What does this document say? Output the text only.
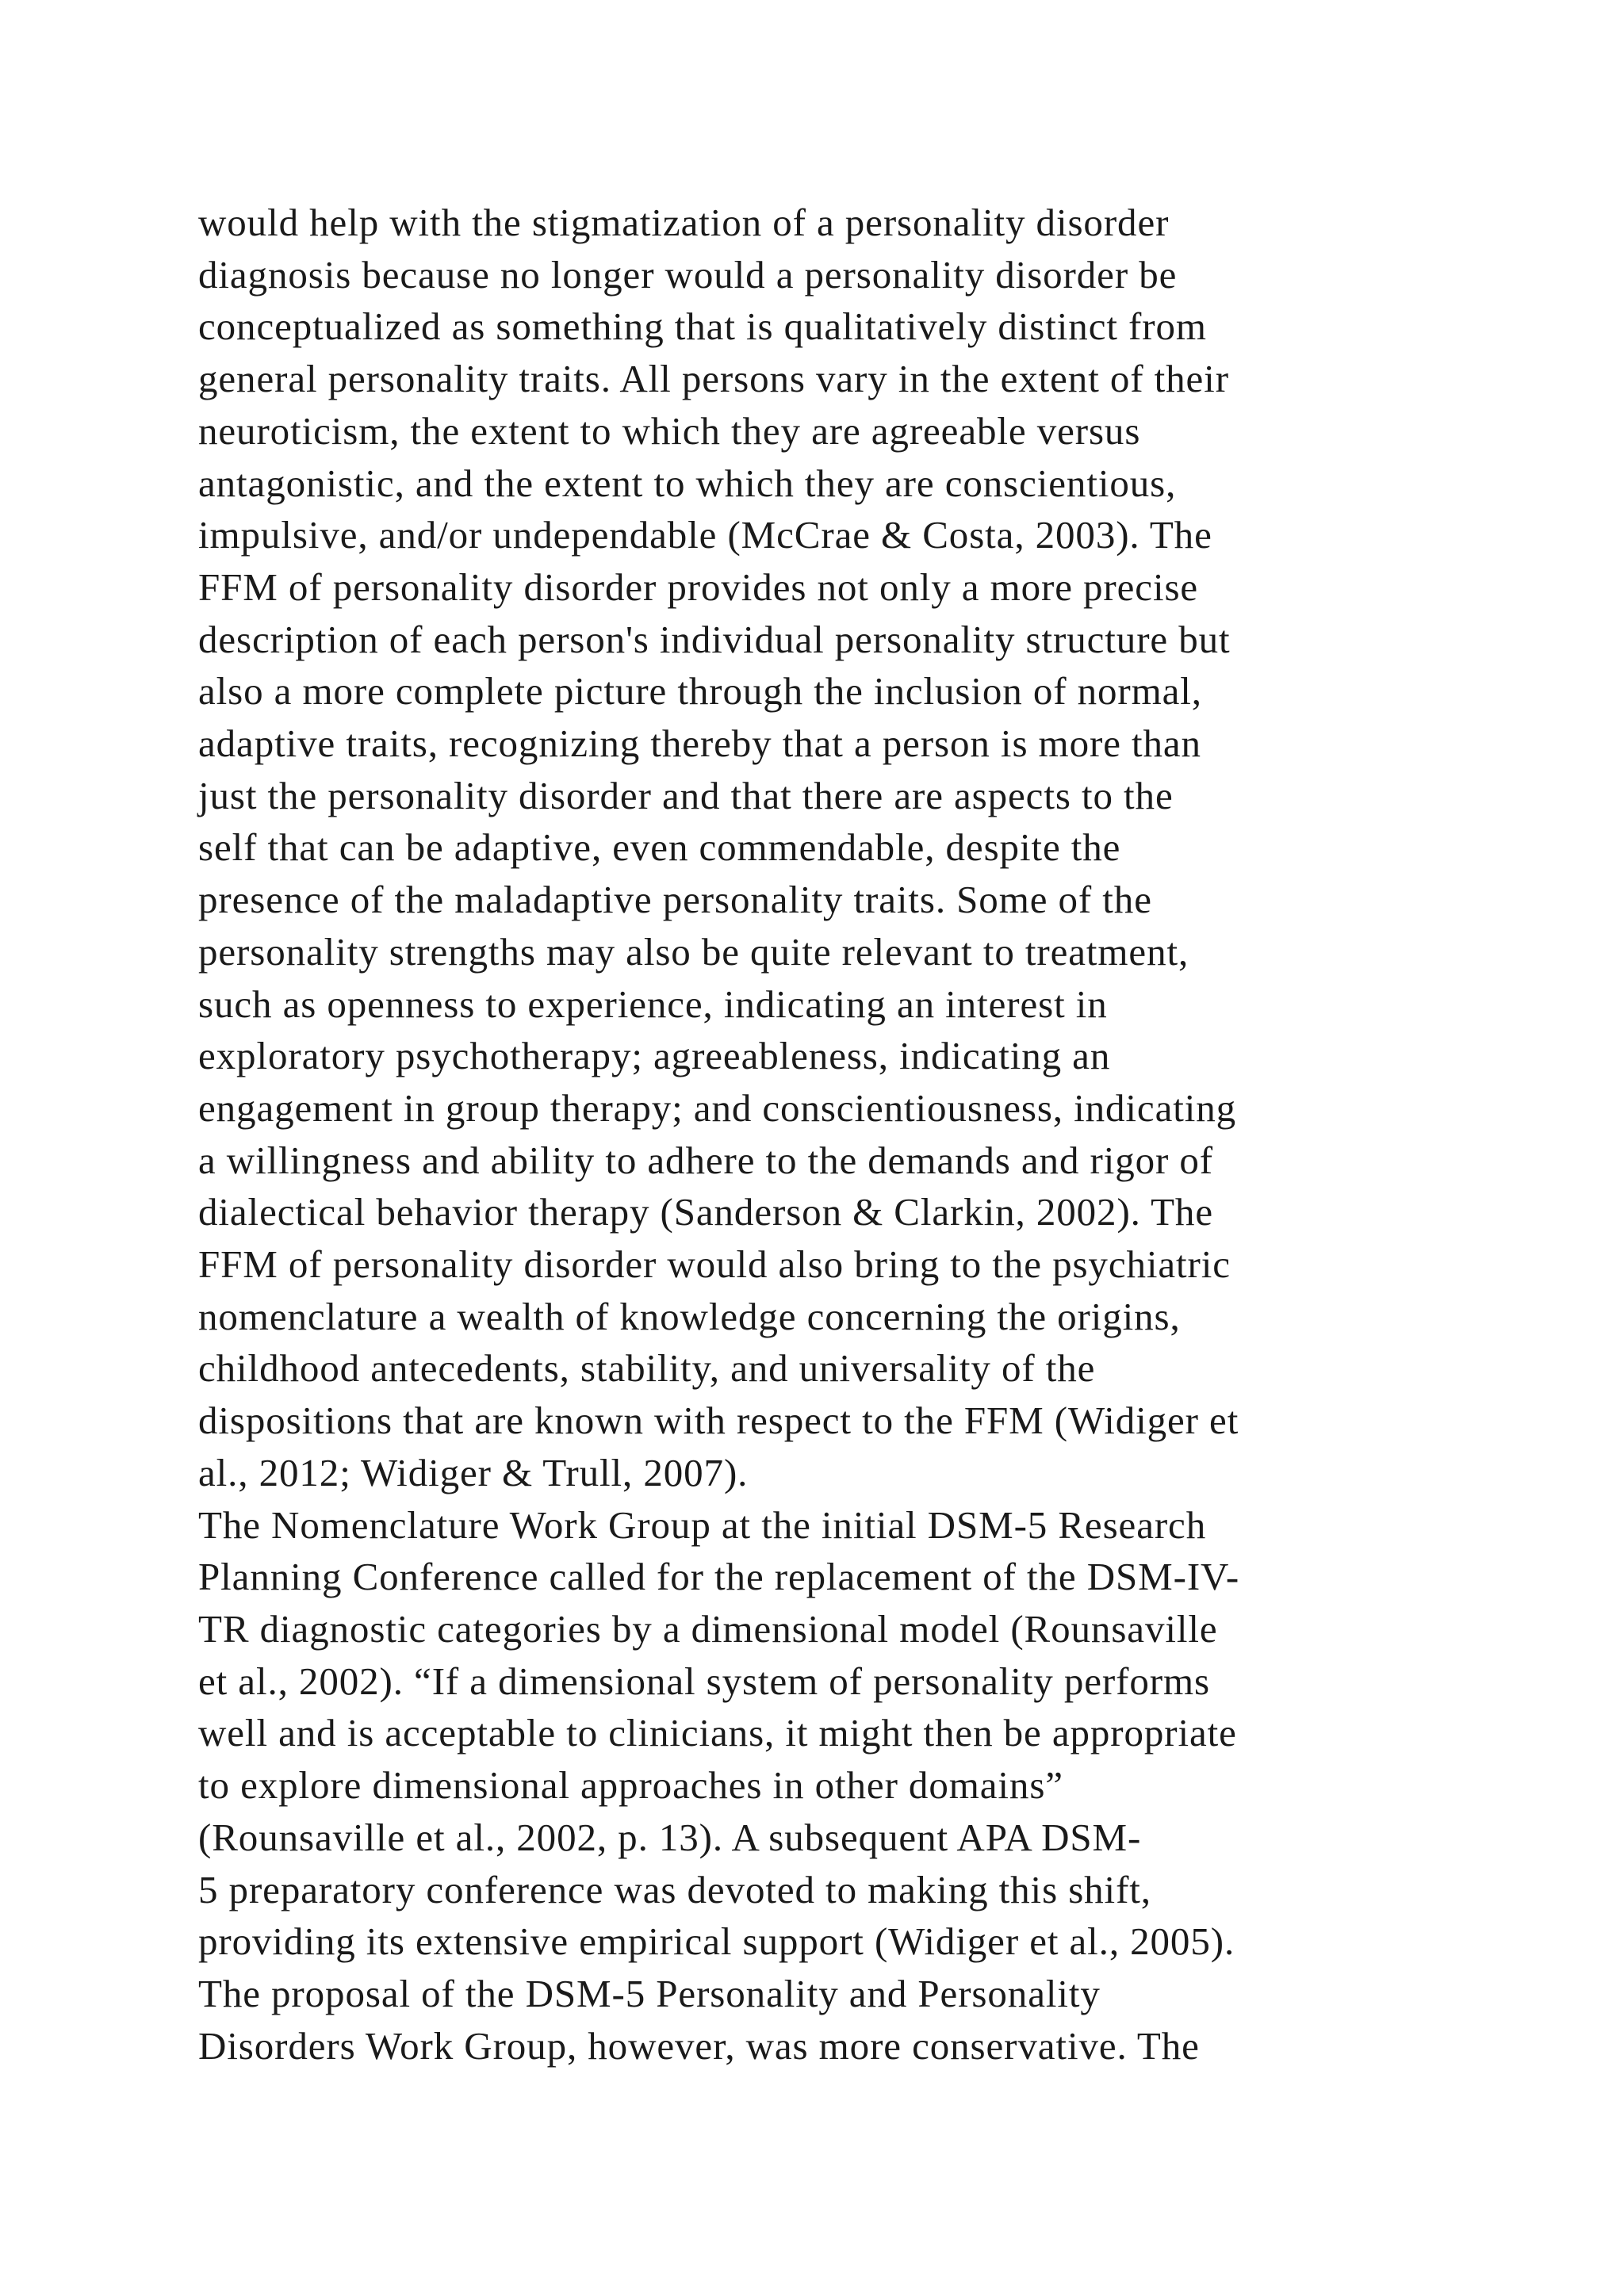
would help with the stigmatization of a personality disorder
diagnosis because no longer would a personality disorder be
conceptualized as something that is qualitatively distinct from
general personality traits. All persons vary in the extent of their
neuroticism, the extent to which they are agreeable versus
antagonistic, and the extent to which they are conscientious,
impulsive, and/or undependable (McCrae & Costa, 2003). The
FFM of personality disorder provides not only a more precise
description of each person's individual personality structure but
also a more complete picture through the inclusion of normal,
adaptive traits, recognizing thereby that a person is more than
just the personality disorder and that there are aspects to the
self that can be adaptive, even commendable, despite the
presence of the maladaptive personality traits. Some of the
personality strengths may also be quite relevant to treatment,
such as openness to experience, indicating an interest in
exploratory psychotherapy; agreeableness, indicating an
engagement in group therapy; and conscientiousness, indicating
a willingness and ability to adhere to the demands and rigor of
dialectical behavior therapy (Sanderson & Clarkin, 2002). The
FFM of personality disorder would also bring to the psychiatric
nomenclature a wealth of knowledge concerning the origins,
childhood antecedents, stability, and universality of the
dispositions that are known with respect to the FFM (Widiger et
al., 2012; Widiger & Trull, 2007).
The Nomenclature Work Group at the initial DSM-5 Research
Planning Conference called for the replacement of the DSM-IV-
TR diagnostic categories by a dimensional model (Rounsaville
et al., 2002). “If a dimensional system of personality performs
well and is acceptable to clinicians, it might then be appropriate
to explore dimensional approaches in other domains”
(Rounsaville et al., 2002, p. 13). A subsequent APA DSM-
5 preparatory conference was devoted to making this shift,
providing its extensive empirical support (Widiger et al., 2005).
The proposal of the DSM-5 Personality and Personality
Disorders Work Group, however, was more conservative. The
